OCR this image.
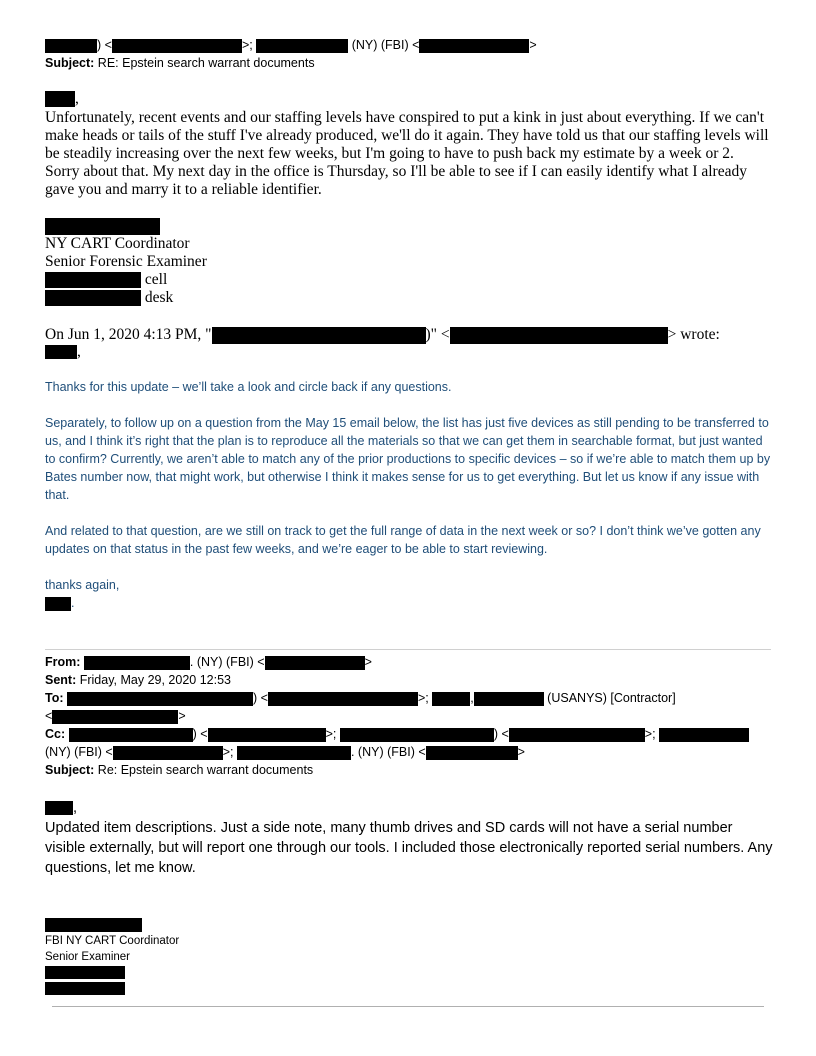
) <	>;	(NY) (FBI) <	>
Subject: RE: Epstein search warrant documents
,

Unfortunately, recent events and our staffing levels have conspired to put a kink in just about everything. If we can't make heads or tails of the stuff I've already produced, we'll do it again. They have told us that our staffing levels will be steadily increasing over the next few weeks, but I'm going to have to push back my estimate by a week or 2. Sorry about that. My next day in the office is Thursday, so I'll be able to see if I can easily identify what I already gave you and marry it to a reliable identifier.

NY CART Coordinator
Senior Forensic Examiner
cell
desk
On Jun 1, 2020 4:13 PM, "	)" <	> wrote:
,

Thanks for this update – we’ll take a look and circle back if any questions.

Separately, to follow up on a question from the May 15 email below, the list has just five devices as still pending to be transferred to us, and I think it’s right that the plan is to reproduce all the materials so that we can get them in searchable format, but just wanted to confirm? Currently, we aren’t able to match any of the prior productions to specific devices – so if we’re able to match them up by Bates number now, that might work, but otherwise I think it makes sense for us to get everything. But let us know if any issue with that.

And related to that question, are we still on track to get the full range of data in the next week or so? I don’t think we’ve gotten any updates on that status in the past few weeks, and we’re eager to be able to start reviewing.

thanks again,

.
From:	. (NY) (FBI) <	>
Sent: Friday, May 29, 2020 12:53
To:	) <	>;	,	(USANYS) [Contractor]
<	>
Cc:	) <	>;	) <	>;
(NY) (FBI) <	>;	. (NY) (FBI) <	>
Subject: Re: Epstein search warrant documents
,

Updated item descriptions. Just a side note, many thumb drives and SD cards will not have a serial number visible externally, but will report one through our tools. I included those electronically reported serial numbers. Any questions, let me know.

FBI NY CART Coordinator
Senior Examiner
